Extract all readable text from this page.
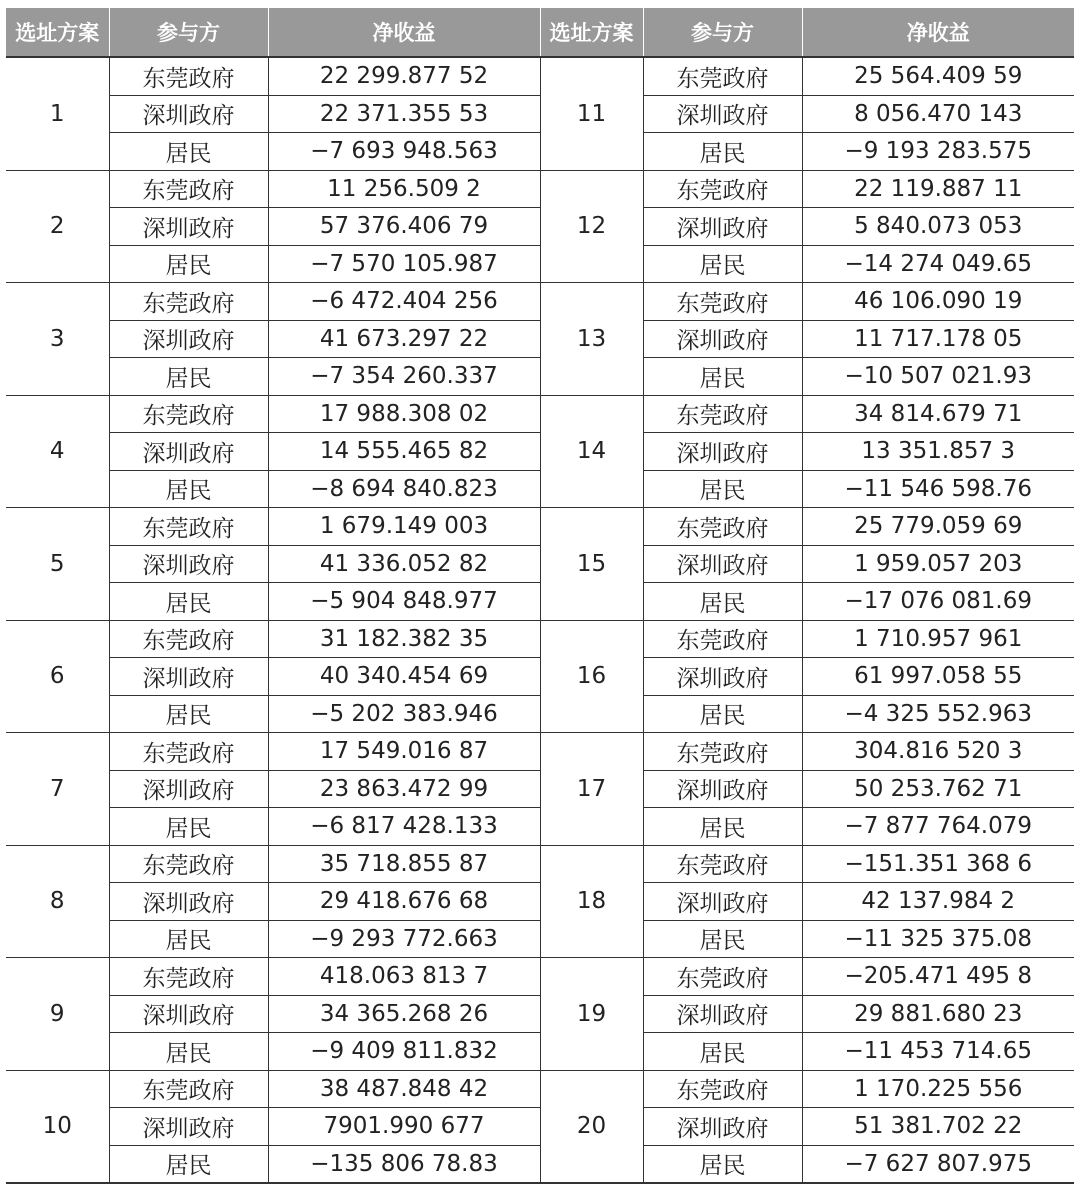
选址方案	参与方	净收益	选址方案	参与方	净收益
1	东莞政府	22 299.877 52	11	东莞政府	25 564.409 59
	深圳政府	22 371.355 53		深圳政府	8 056.470 143
	居民	−7 693 948.563		居民	−9 193 283.575
2	东莞政府	11 256.509 2	12	东莞政府	22 119.887 11
	深圳政府	57 376.406 79		深圳政府	5 840.073 053
	居民	−7 570 105.987		居民	−14 274 049.65
3	东莞政府	−6 472.404 256	13	东莞政府	46 106.090 19
	深圳政府	41 673.297 22		深圳政府	11 717.178 05
	居民	−7 354 260.337		居民	−10 507 021.93
4	东莞政府	17 988.308 02	14	东莞政府	34 814.679 71
	深圳政府	14 555.465 82		深圳政府	13 351.857 3
	居民	−8 694 840.823		居民	−11 546 598.76
5	东莞政府	1 679.149 003	15	东莞政府	25 779.059 69
	深圳政府	41 336.052 82		深圳政府	1 959.057 203
	居民	−5 904 848.977		居民	−17 076 081.69
6	东莞政府	31 182.382 35	16	东莞政府	1 710.957 961
	深圳政府	40 340.454 69		深圳政府	61 997.058 55
	居民	−5 202 383.946		居民	−4 325 552.963
7	东莞政府	17 549.016 87	17	东莞政府	304.816 520 3
	深圳政府	23 863.472 99		深圳政府	50 253.762 71
	居民	−6 817 428.133		居民	−7 877 764.079
8	东莞政府	35 718.855 87	18	东莞政府	−151.351 368 6
	深圳政府	29 418.676 68		深圳政府	42 137.984 2
	居民	−9 293 772.663		居民	−11 325 375.08
9	东莞政府	418.063 813 7	19	东莞政府	−205.471 495 8
	深圳政府	34 365.268 26		深圳政府	29 881.680 23
	居民	−9 409 811.832		居民	−11 453 714.65
10	东莞政府	38 487.848 42	20	东莞政府	1 170.225 556
	深圳政府	7901.990 677		深圳政府	51 381.702 22
	居民	−135 806 78.83		居民	−7 627 807.975
